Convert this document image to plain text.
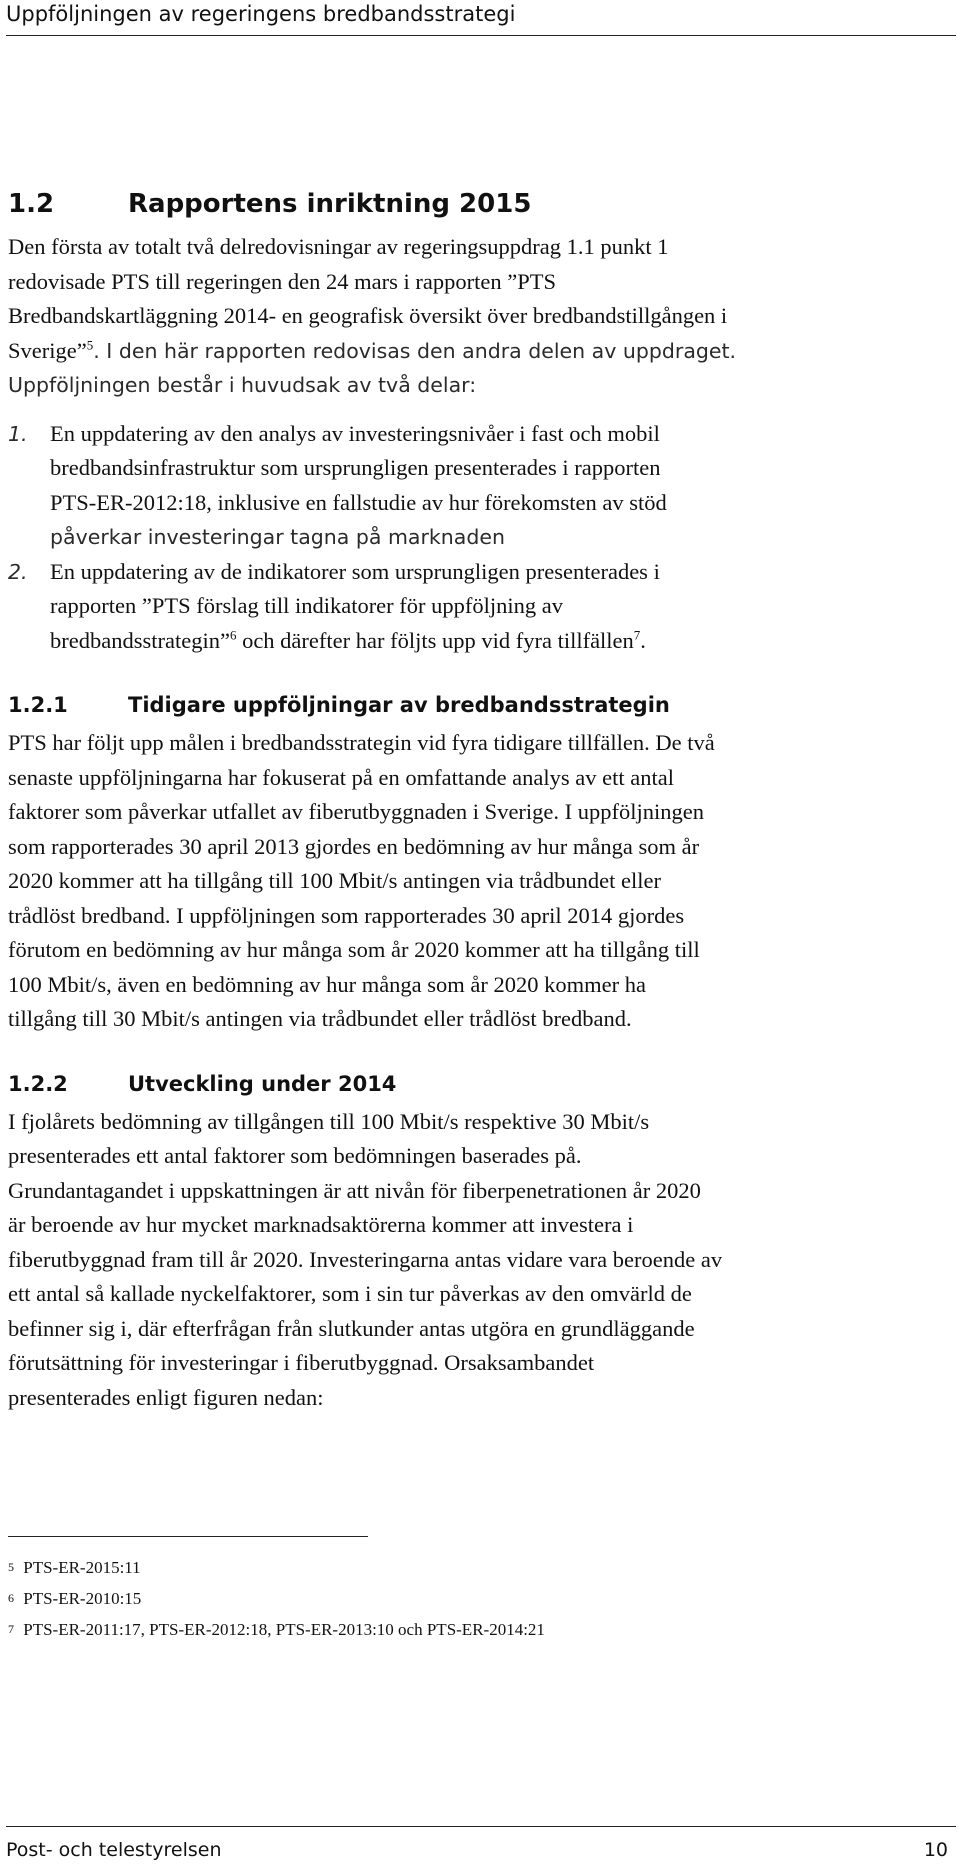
Uppföljningen av regeringens bredbandsstrategi
1.2	Rapportens inriktning 2015
Den första av totalt två delredovisningar av regeringsuppdrag 1.1 punkt 1
redovisade PTS till regeringen den 24 mars i rapporten ”PTS
Bredbandskartläggning 2014- en geografisk översikt över bredbandstillgången i
Sverige”$^5$. I den här rapporten redovisas den andra delen av uppdraget.
Uppföljningen består i huvudsak av två delar:
1. En uppdatering av den analys av investeringsnivåer i fast och mobil
bredbandsinfrastruktur som ursprungligen presenterades i rapporten
PTS-ER-2012:18, inklusive en fallstudie av hur förekomsten av stöd
påverkar investeringar tagna på marknaden
2. En uppdatering av de indikatorer som ursprungligen presenterades i
rapporten ”PTS förslag till indikatorer för uppföljning av
bredbandsstrategin”$^6$ och därefter har följts upp vid fyra tillfällen$^7$.
1.2.1	Tidigare uppföljningar av bredbandsstrategin
PTS har följt upp målen i bredbandsstrategin vid fyra tidigare tillfällen. De två
senaste uppföljningarna har fokuserat på en omfattande analys av ett antal
faktorer som påverkar utfallet av fiberutbyggnaden i Sverige. I uppföljningen
som rapporterades 30 april 2013 gjordes en bedömning av hur många som år
2020 kommer att ha tillgång till 100 Mbit/s antingen via trådbundet eller
trådlöst bredband. I uppföljningen som rapporterades 30 april 2014 gjordes
förutom en bedömning av hur många som år 2020 kommer att ha tillgång till
100 Mbit/s, även en bedömning av hur många som år 2020 kommer ha
tillgång till 30 Mbit/s antingen via trådbundet eller trådlöst bredband.
1.2.2	Utveckling under 2014
I fjolårets bedömning av tillgången till 100 Mbit/s respektive 30 Mbit/s
presenterades ett antal faktorer som bedömningen baserades på.
Grundantagandet i uppskattningen är att nivån för fiberpenetrationen år 2020
är beroende av hur mycket marknadsaktörerna kommer att investera i
fiberutbyggnad fram till år 2020. Investeringarna antas vidare vara beroende av
ett antal så kallade nyckelfaktorer, som i sin tur påverkas av den omvärld de
befinner sig i, där efterfrågan från slutkunder antas utgöra en grundläggande
förutsättning för investeringar i fiberutbyggnad. Orsaksambandet
presenterades enligt figuren nedan:
5 PTS-ER-2015:11
6 PTS-ER-2010:15
7 PTS-ER-2011:17, PTS-ER-2012:18, PTS-ER-2013:10 och PTS-ER-2014:21
Post- och telestyrelsen	10
